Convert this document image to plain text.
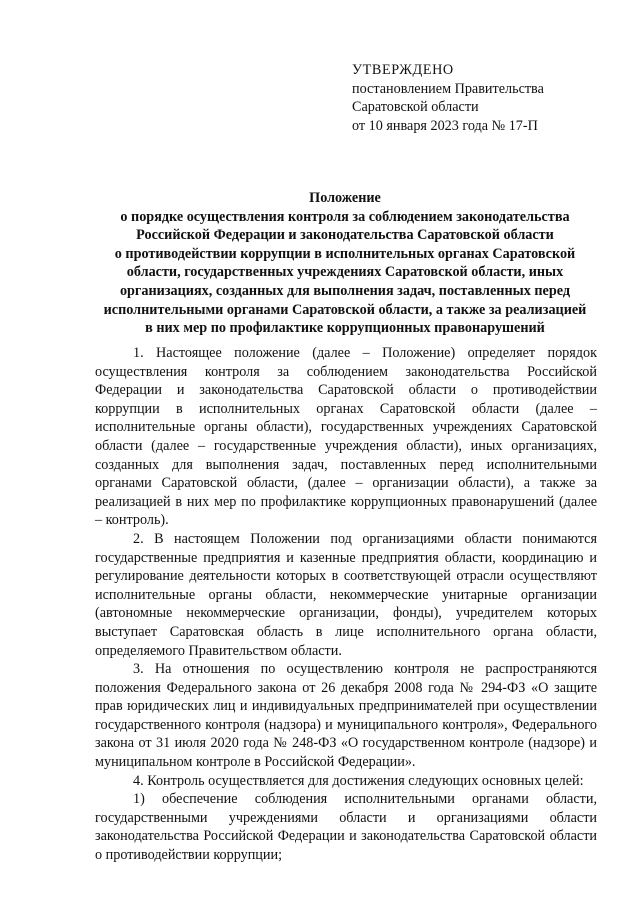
УТВЕРЖДЕНО
постановлением Правительства
Саратовской области
от 10 января 2023 года № 17-П
Положение
о порядке осуществления контроля за соблюдением законодательства
Российской Федерации и законодательства Саратовской области
о противодействии коррупции в исполнительных органах Саратовской
области, государственных учреждениях Саратовской области, иных
организациях, созданных для выполнения задач, поставленных перед
исполнительными органами Саратовской области, а также за реализацией
в них мер по профилактике коррупционных правонарушений

1. Настоящее положение (далее – Положение) определяет порядок осуществления контроля за соблюдением законодательства Российской Федерации и законодательства Саратовской области о противодействии коррупции в исполнительных органах Саратовской области (далее – исполнительные органы области), государственных учреждениях Саратовской области (далее – государственные учреждения области), иных организациях, созданных для выполнения задач, поставленных перед исполнительными органами Саратовской области, (далее – организации области), а также за реализацией в них мер по профилактике коррупционных правонарушений (далее – контроль).

2. В настоящем Положении под организациями области понимаются государственные предприятия и казенные предприятия области, координацию и регулирование деятельности которых в соответствующей отрасли осуществляют исполнительные органы области, некоммерческие унитарные организации (автономные некоммерческие организации, фонды), учредителем которых выступает Саратовская область в лице исполнительного органа области, определяемого Правительством области.

3. На отношения по осуществлению контроля не распространяются положения Федерального закона от 26 декабря 2008 года № 294-ФЗ «О защите прав юридических лиц и индивидуальных предпринимателей при осуществлении государственного контроля (надзора) и муниципального контроля», Федерального закона от 31 июля 2020 года № 248-ФЗ «О государственном контроле (надзоре) и муниципальном контроле в Российской Федерации».

4. Контроль осуществляется для достижения следующих основных целей:

1) обеспечение соблюдения исполнительными органами области, государственными учреждениями области и организациями области законодательства Российской Федерации и законодательства Саратовской области о противодействии коррупции;
